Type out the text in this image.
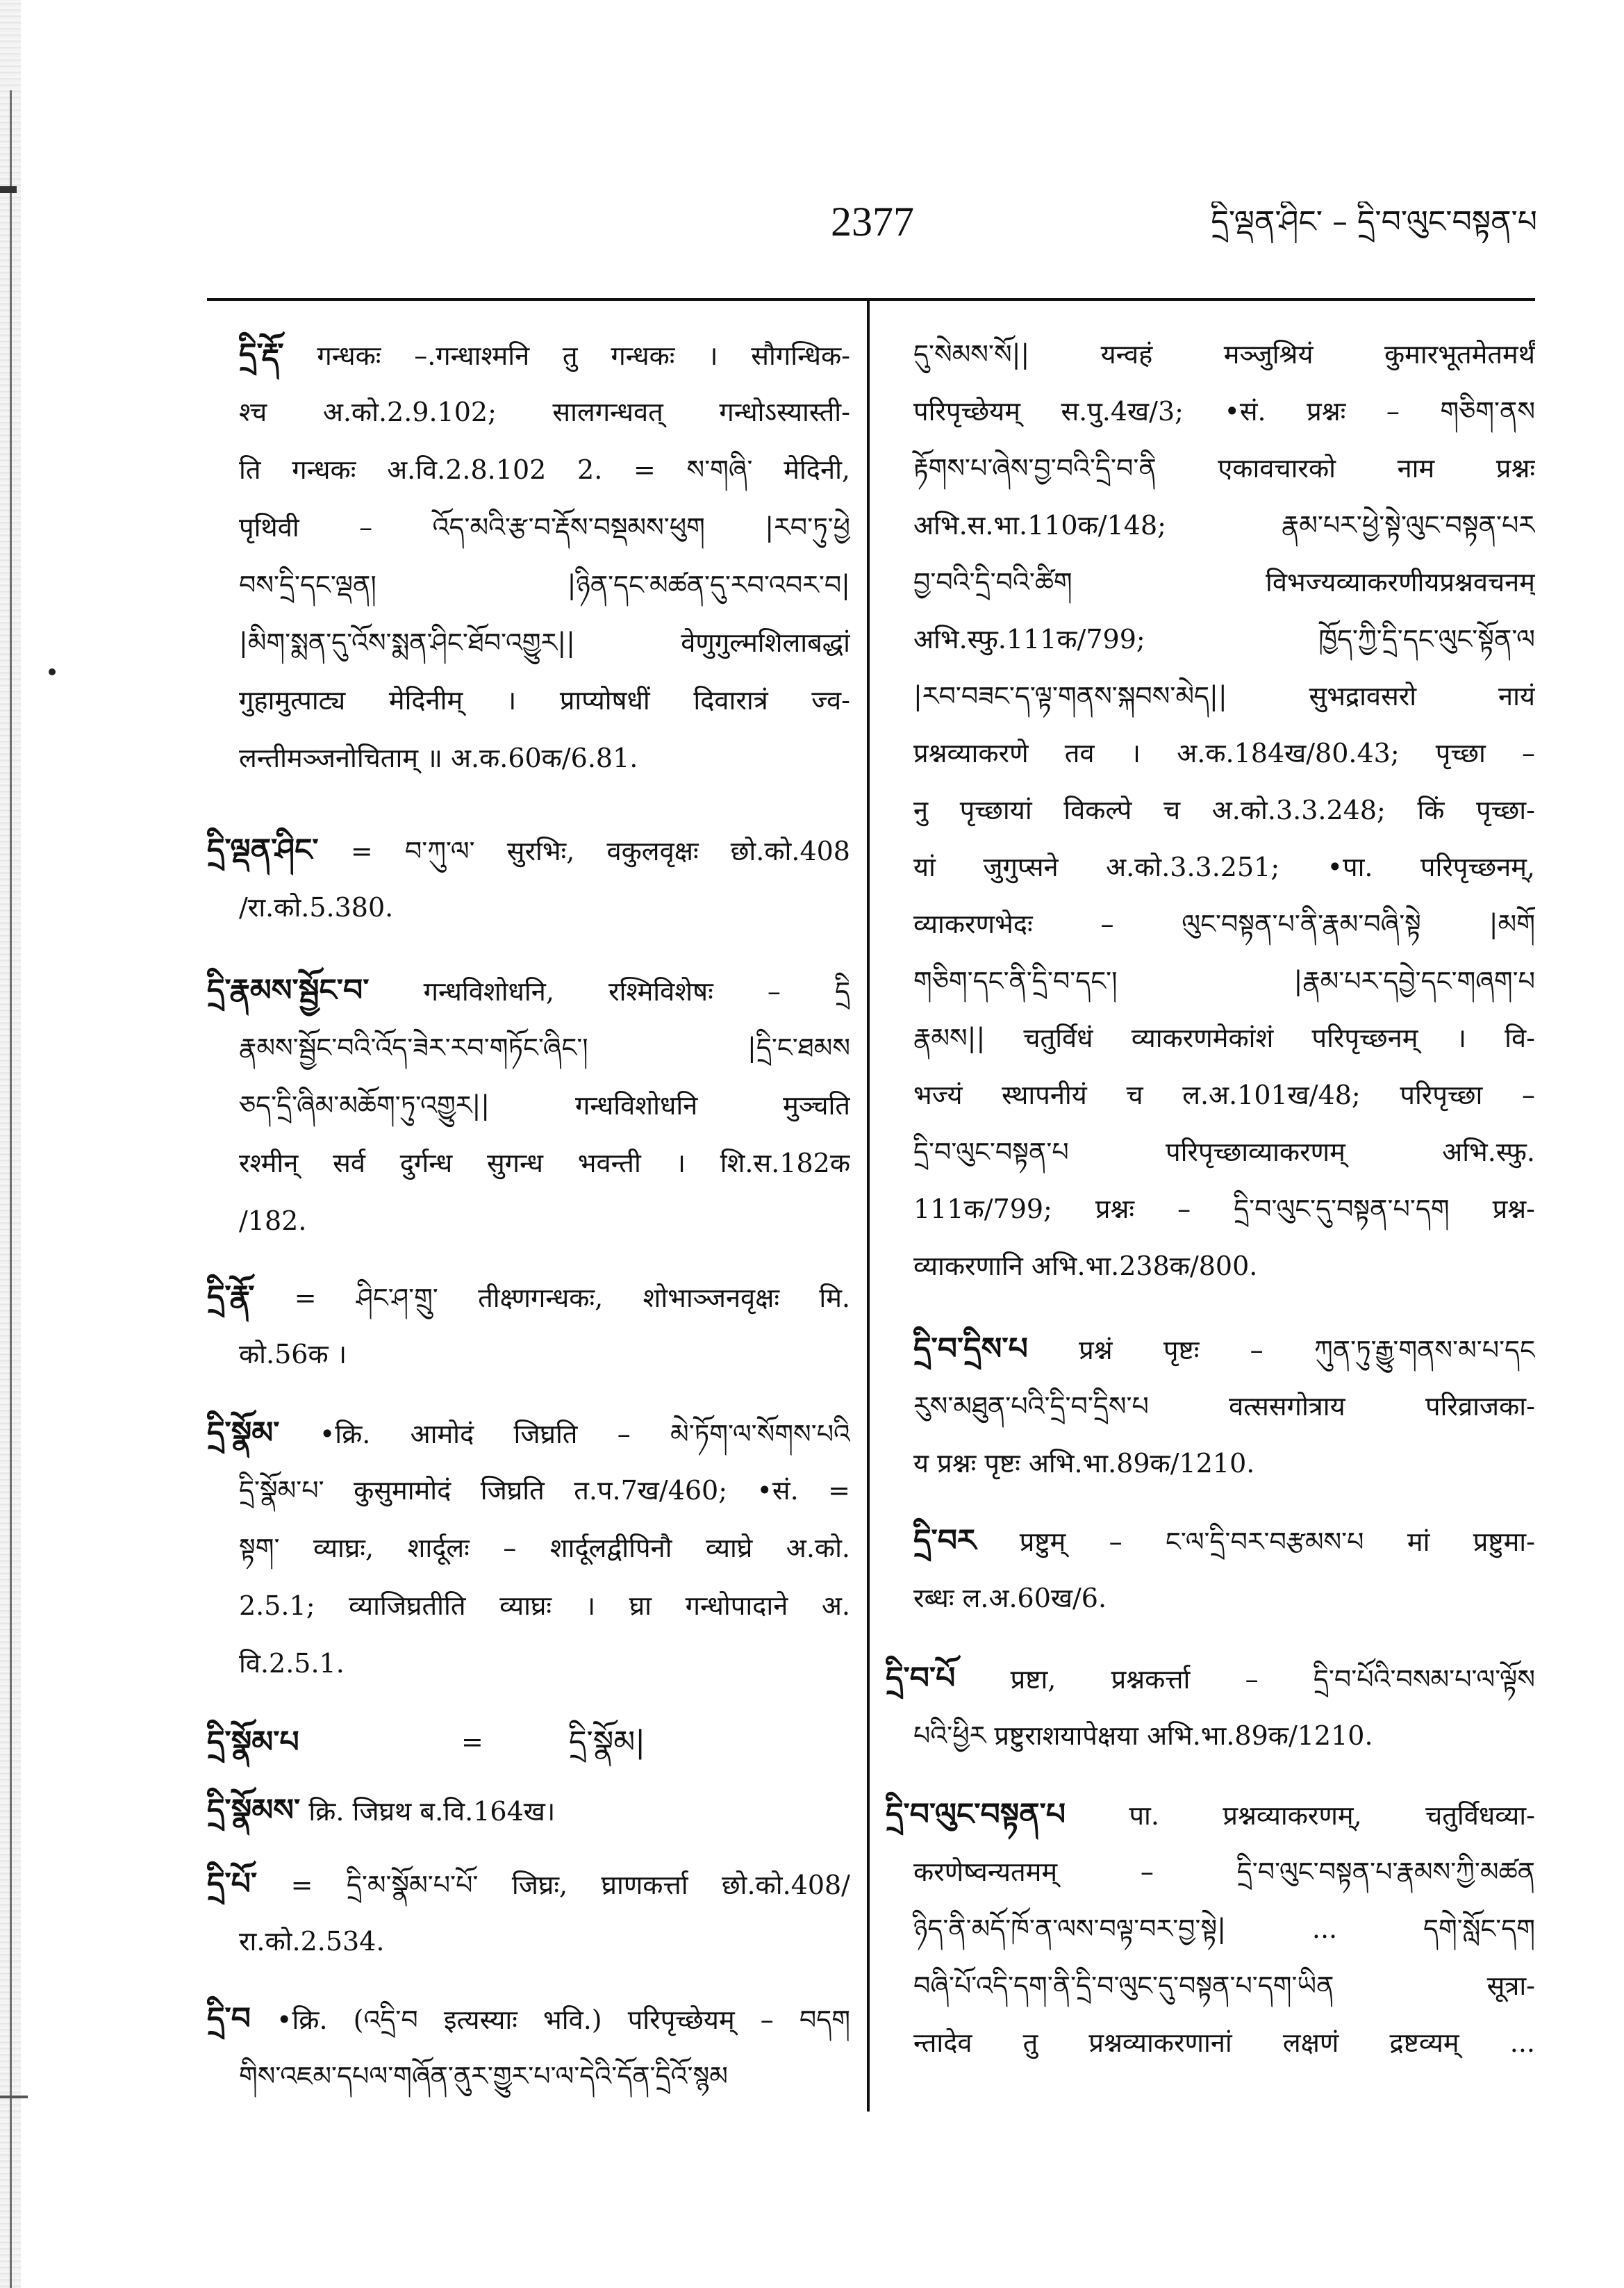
2377	དྲི་ལྡན་ཤིང་ – དྲི་བ་ལུང་བསྟན་པ
དྲི་རྡོ་ गन्धकः –.गन्धाश्मनि तु गन्धकः । सौगन्धिक-
श्च अ.को.2.9.102; सालगन्धवत् गन्धोऽस्यास्ती-
ति गन्धकः अ.वि.2.8.102 2. = ས་གཞི་ मेदिनी,
पृथिवी – འོད་མའི་རྩ་བ་རྡོས་བསྡམས་ཕུག |རབ་ཏུ་ཕྱེ
བས་དྲི་དང་ལྡན། |ཉིན་དང་མཚན་དུ་རབ་འབར་བ|
|མིག་སྨན་དུ་འོས་སྨན་ཤིང་ཐོབ་འགྱུར|| वेणुगुल्मशिलाबद्धां
गुहामुत्पाट्य मेदिनीम् । प्राप्योषधीं दिवारात्रं ज्व-
लन्तीमञ्जनोचिताम् ॥ अ.क.60क/6.81.
དྲི་ལྡན་ཤིང་ = བ་ཀུ་ལ་ सुरभिः, वकुलवृक्षः छो.को.408
/रा.को.5.380.
དྲི་རྣམས་སྦྱོང་བ་ गन्धविशोधनि, रश्मिविशेषः – དྲི
རྣམས་སྦྱོང་བའི་འོད་ཟེར་རབ་གཏོང་ཞིང་། |དྲི་ང་ཐམས
ཅད་དྲི་ཞིམ་མཆོག་ཏུ་འགྱུར|| गन्धविशोधनि मुञ्चति
रश्मीन् सर्व दुर्गन्ध सुगन्ध भवन्ती । शि.स.182क
/182.
དྲི་རྣོ་ = ཤིང་ཤ་གྲུ་ तीक्ष्णगन्धकः, शोभाञ्जनवृक्षः मि.
को.56क ।
དྲི་སྣོམ་ •क्रि. आमोदं जिघ्रति – མེ་ཏོག་ལ་སོགས་པའི
དྲི་སྣོམ་པ་ कुसुमामोदं जिघ्रति त.प.7ख/460; •सं. =
སྟག་ व्याघ्रः, शार्दूलः – शार्दूलद्वीपिनौ व्याघ्रे अ.को.
2.5.1; व्याजिघ्रतीति व्याघ्रः । घ्रा गन्धोपादाने अ.
वि.2.5.1.
དྲི་སྣོམ་པ	=	དྲི་སྣོམ|
དྲི་སྣོམས་ क्रि. जिघ्रथ ब.वि.164ख।
དྲི་པོ་ = དྲི་མ་སྣོམ་པ་པོ་ जिघ्रः, घ्राणकर्त्ता छो.को.408/
रा.को.2.534.
དྲི་བ •क्रि. (འདྲི་བ इत्यस्याः भवि.) परिपृच्छेयम् – བདག
གིས་འཇམ་དཔལ་གཞོན་ནུར་གྱུར་པ་ལ་དེའི་དོན་དྲིའོ་སྙམ
དུ་སེམས་སོ|| यन्वहं मञ्जुश्रियं कुमारभूतमेतमर्थं
परिपृच्छेयम् स.पु.4ख/3; •सं. प्रश्नः – གཅིག་ནས
རྟོགས་པ་ཞེས་བྱ་བའི་དྲི་བ་ནི एकावचारको नाम प्रश्नः
अभि.स.भा.110क/148; རྣམ་པར་ཕྱེ་སྟེ་ལུང་བསྟན་པར
བྱ་བའི་དྲི་བའི་ཚིག विभज्यव्याकरणीयप्रश्नवचनम्
अभि.स्फु.111क/799; ཁྱོད་ཀྱི་དྲི་དང་ལུང་སྟོན་ལ
|རབ་བཟང་ད་ལྟ་གནས་སྐབས་མེད|| सुभद्रावसरो नायं
प्रश्नव्याकरणे तव । अ.क.184ख/80.43; पृच्छा –
नु पृच्छायां विकल्पे च अ.को.3.3.248; किं पृच्छा-
यां जुगुप्सने अ.को.3.3.251; •पा. परिपृच्छनम्,
व्याकरणभेदः – ལུང་བསྟན་པ་ནི་རྣམ་བཞི་སྟེ |མགོ
གཅིག་དང་ནི་དྲི་བ་དང་། |རྣམ་པར་དབྱེ་དང་གཞག་པ
རྣམས|| चतुर्विधं व्याकरणमेकांशं परिपृच्छनम् । वि-
भज्यं स्थापनीयं च ल.अ.101ख/48; परिपृच्छा –
དྲི་བ་ལུང་བསྟན་པ परिपृच्छाव्याकरणम् अभि.स्फु.
111क/799; प्रश्नः – དྲི་བ་ལུང་དུ་བསྟན་པ་དག प्रश्न-
व्याकरणानि अभि.भा.238क/800.
དྲི་བ་དྲིས་པ प्रश्नं पृष्टः – ཀུན་ཏུ་རྒྱུ་གནས་མ་པ་དང
རུས་མཐུན་པའི་དྲི་བ་དྲིས་པ वत्ससगोत्राय परिव्राजका-
य प्रश्नः पृष्टः अभि.भा.89क/1210.
དྲི་བར प्रष्टुम् – ང་ལ་དྲི་བར་བརྩམས་པ मां प्रष्टुमा-
रब्धः ल.अ.60ख/6.
དྲི་བ་པོ प्रष्टा, प्रश्नकर्त्ता – དྲི་བ་པོའི་བསམ་པ་ལ་ལྟོས
པའི་ཕྱིར प्रष्टुराशयापेक्षया अभि.भा.89क/1210.
དྲི་བ་ལུང་བསྟན་པ पा. प्रश्नव्याकरणम्, चतुर्विधव्या-
करणेष्वन्यतमम् – དྲི་བ་ལུང་བསྟན་པ་རྣམས་ཀྱི་མཚན
ཉིད་ནི་མདོ་ཁོ་ན་ལས་བལྟ་བར་བྱ་སྟེ| ... དགེ་སློང་དག
བཞི་པོ་འདི་དག་ནི་དྲི་བ་ལུང་དུ་བསྟན་པ་དག་ཡིན सूत्रा-
न्तादेव तु प्रश्नव्याकरणानां लक्षणं द्रष्टव्यम् ...
